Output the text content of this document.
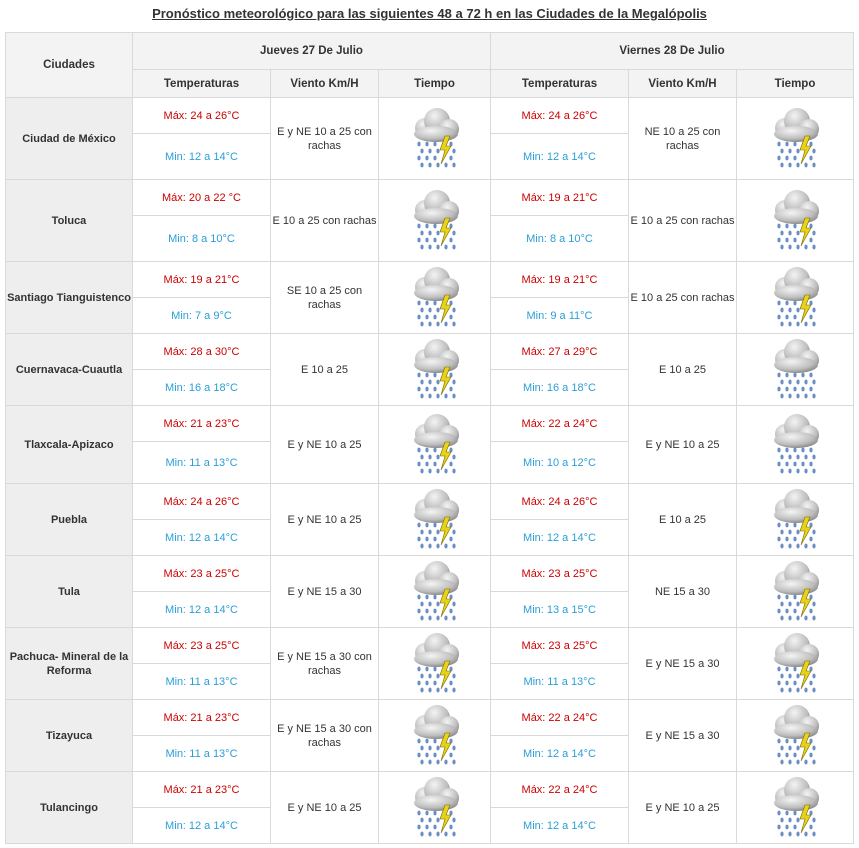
Pronóstico meteorológico para las siguientes 48 a 72 h en las Ciudades de la Megalópolis
Ciudades	Jueves 27 De Julio			Viernes 28 De Julio		
	Temperaturas	Viento Km/H	Tiempo	Temperaturas	Viento Km/H	Tiempo
Ciudad de México	Máx: 24 a 26°C	E y NE 10 a 25 con rachas		Máx: 24 a 26°C	NE 10 a 25 con rachas	

	Min: 12 a 14°C			Min: 12 a 14°C		
Toluca	Máx: 20 a 22 °C	E 10 a 25 con rachas		Máx: 19 a 21°C	E 10 a 25 con rachas	

	Min: 8 a 10°C			Min: 8 a 10°C		
Santiago Tianguistenco	Máx: 19 a 21°C	SE 10 a 25 con rachas		Máx: 19 a 21°C	E 10 a 25 con rachas	

	Min: 7 a 9°C			Min: 9 a 11°C		
Cuernavaca-Cuautla	Máx: 28 a 30°C	E 10 a 25		Máx: 27 a 29°C	E 10 a 25	

	Min: 16 a 18°C			Min: 16 a 18°C		
Tlaxcala-Apizaco	Máx: 21 a 23°C	E y NE 10 a 25		Máx: 22 a 24°C	E y NE 10 a 25	

	Min: 11 a 13°C			Min: 10 a 12°C		
Puebla	Máx: 24 a 26°C	E y NE 10 a 25		Máx: 24 a 26°C	E 10 a 25	

	Min: 12 a 14°C			Min: 12 a 14°C		
Tula	Máx: 23 a 25°C	E y NE 15 a 30		Máx: 23 a 25°C	NE 15 a 30	

	Min: 12 a 14°C			Min: 13 a 15°C		
Pachuca- Mineral de la Reforma	Máx: 23 a 25°C	E y NE 15 a 30 con rachas		Máx: 23 a 25°C	E y NE 15 a 30	

	Min: 11 a 13°C			Min: 11 a 13°C		
Tizayuca	Máx: 21 a 23°C	E y NE 15 a 30 con rachas		Máx: 22 a 24°C	E y NE 15 a 30	

	Min: 11 a 13°C			Min: 12 a 14°C		
Tulancingo	Máx: 21 a 23°C	E y NE 10 a 25		Máx: 22 a 24°C	E y NE 10 a 25	

	Min: 12 a 14°C			Min: 12 a 14°C		
